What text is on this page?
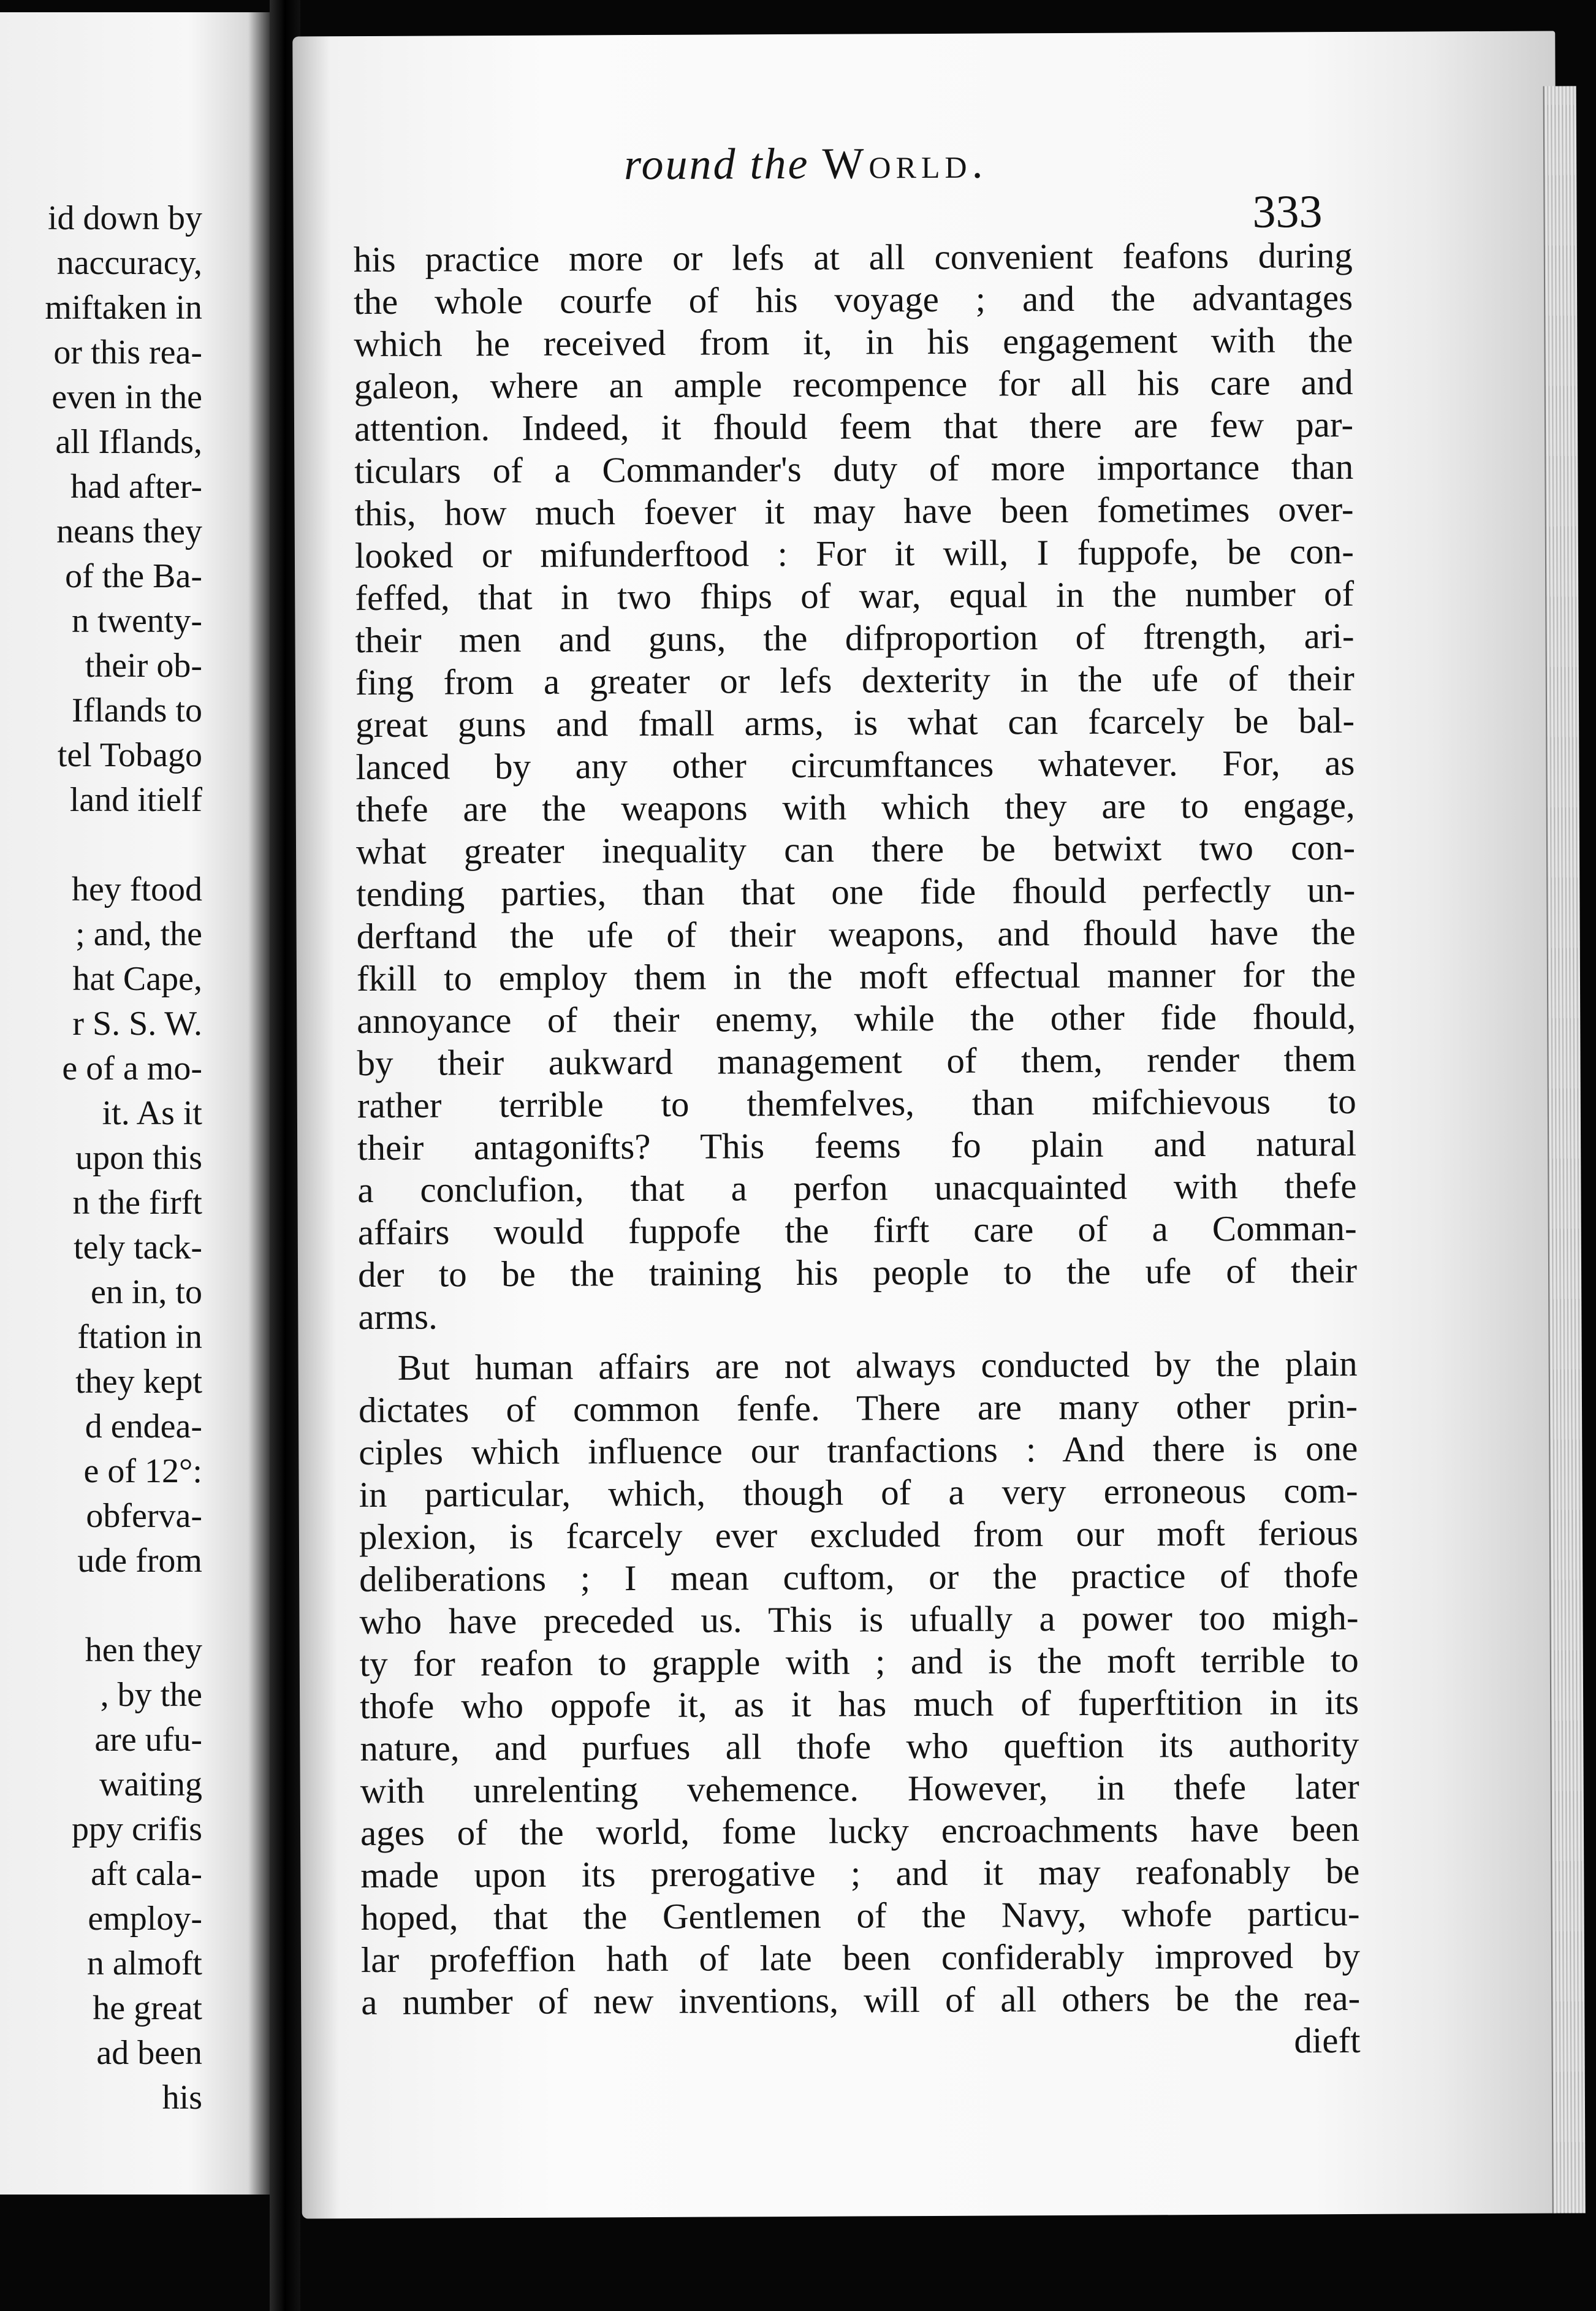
id down by
naccuracy,
miftaken in
or this rea-
even in the
all Iflands,
had after-
neans they
of the Ba-
n twenty-
their ob-
Iflands to
tel Tobago
land itielf
hey ftood
; and, the
hat Cape,
r S. S. W.
e of a mo-
it. As it
upon this
n the firft
tely tack-
en in, to
ftation in
they kept
d endea-
e of 12°:
obferva-
ude from
hen they
, by the
are ufu-
waiting
ppy crifis
aft cala-
employ-
n almoft
he great
ad been
his
round the World.
333
his practice more or lefs at all convenient feafons during
the whole courfe of his voyage ; and the advantages
which he received from it, in his engagement with the
galeon, where an ample recompence for all his care and
attention. Indeed, it fhould feem that there are few par-
ticulars of a Commander's duty of more importance than
this, how much foever it may have been fometimes over-
looked or mifunderftood : For it will, I fuppofe, be con-
feffed, that in two fhips of war, equal in the number of
their men and guns, the difproportion of ftrength, ari-
fing from a greater or lefs dexterity in the ufe of their
great guns and fmall arms, is what can fcarcely be bal-
lanced by any other circumftances whatever. For, as
thefe are the weapons with which they are to engage,
what greater inequality can there be betwixt two con-
tending parties, than that one fide fhould perfectly un-
derftand the ufe of their weapons, and fhould have the
fkill to employ them in the moft effectual manner for the
annoyance of their enemy, while the other fide fhould,
by their aukward management of them, render them
rather terrible to themfelves, than mifchievous to
their antagonifts? This feems fo plain and natural
a conclufion, that a perfon unacquainted with thefe
affairs would fuppofe the firft care of a Comman-
der to be the training his people to the ufe of their
arms.
But human affairs are not always conducted by the plain
dictates of common fenfe. There are many other prin-
ciples which influence our tranfactions : And there is one
in particular, which, though of a very erroneous com-
plexion, is fcarcely ever excluded from our moft ferious
deliberations ; I mean cuftom, or the practice of thofe
who have preceded us. This is ufually a power too migh-
ty for reafon to grapple with ; and is the moft terrible to
thofe who oppofe it, as it has much of fuperftition in its
nature, and purfues all thofe who queftion its authority
with unrelenting vehemence. However, in thefe later
ages of the world, fome lucky encroachments have been
made upon its prerogative ; and it may reafonably be
hoped, that the Gentlemen of the Navy, whofe particu-
lar profeffion hath of late been confiderably improved by
a number of new inventions, will of all others be the rea-
dieft
